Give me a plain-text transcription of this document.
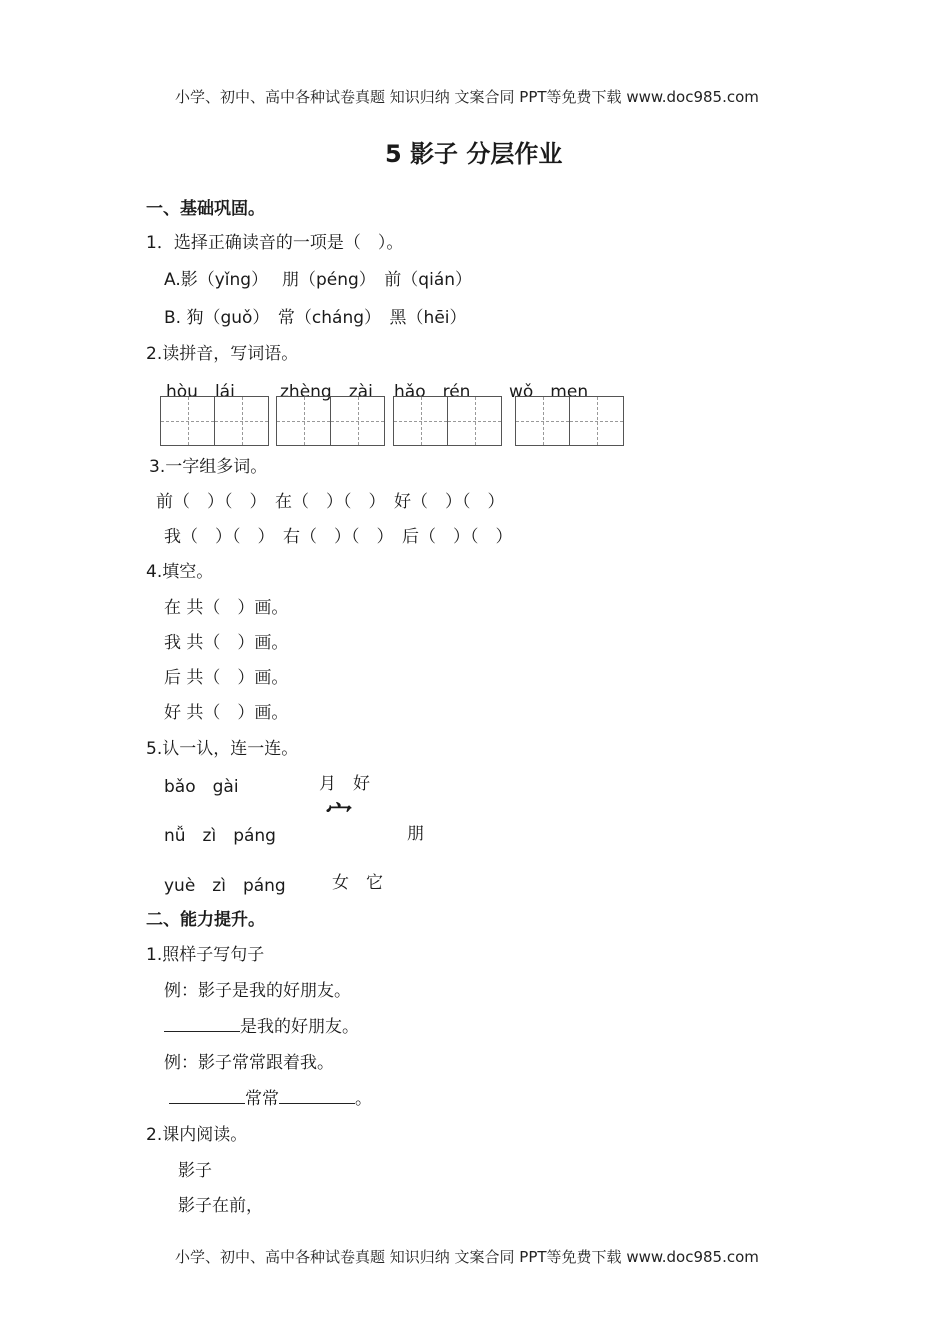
小学、初中、高中各种试卷真题 知识归纳 文案合同 PPT等免费下载 www.doc985.com
5 影子 分层作业
一、基础巩固。
1．选择正确读音的一项是（　）。
A.影（yǐng）　 朋（péng）　前（qián）
B. 狗（guǒ）　常（cháng）　黑（hēi）
2.读拼音，写词语。
hòu　lái	zhèng　zài hǎo　rén wǒ　men
3.一字组多词。
前（　）（　）　在（　）（　）　好（　）（　）
我（　）（　）　右（　）（　）　后（　）（　）
4.填空。
在 共（　）画。
我 共（　）画。
后 共（　）画。
好 共（　）画。
5.认一认，连一连。
bǎo　gài
nǚ　zì　páng
yuè　zì　páng
月　好
宀
朋
女　它
二、能力提升。
1.照样子写句子
例：影子是我的好朋友。
是我的好朋友。
例：影子常常跟着我。
常常	。
2.课内阅读。
影子
影子在前，
小学、初中、高中各种试卷真题 知识归纳 文案合同 PPT等免费下载 www.doc985.com
